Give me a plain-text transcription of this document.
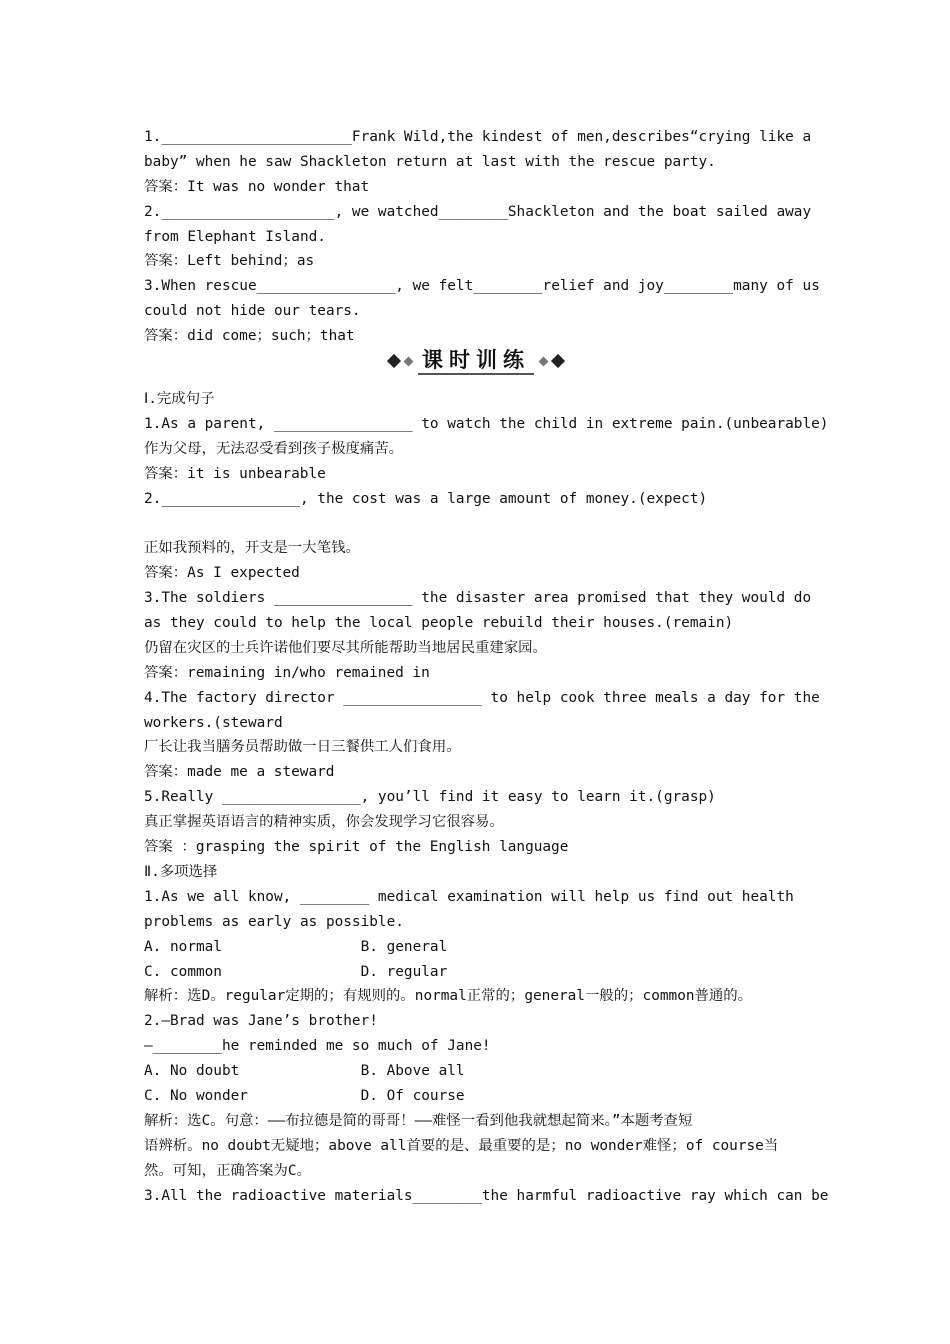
1.______________________Frank Wild,the kindest of men,describes“crying like a
baby” when he saw Shackleton return at last with the rescue party.
答案：It was no wonder that
2.____________________, we watched________Shackleton and the boat sailed away
from Elephant Island.
答案：Left behind；as
3.When rescue________________, we felt________relief and joy________many of us
could not hide our tears.
答案：did come；such；that
课时训练
Ⅰ.完成句子
1.As a parent, ________________ to watch the child in extreme pain.(unbearable)
作为父母，无法忍受看到孩子极度痛苦。
答案：it is unbearable
2.________________, the cost was a large amount of money.(expect)
正如我预料的，开支是一大笔钱。
答案：As I expected
3.The soldiers ________________ the disaster area promised that they would do
as they could to help the local people rebuild their houses.(remain)
仍留在灾区的士兵许诺他们要尽其所能帮助当地居民重建家园。
答案：remaining in/who remained in
4.The factory director ________________ to help cook three meals a day for the
workers.(steward
厂长让我当膳务员帮助做一日三餐供工人们食用。
答案：made me a steward
5.Really ________________, you’ll find it easy to learn it.(grasp)
真正掌握英语语言的精神实质，你会发现学习它很容易。
答案 ：grasping the spirit of the English language
Ⅱ.多项选择
1.As we all know, ________ medical examination will help us find out health
problems as early as possible.
A. normal                B. general
C. common                D. regular
解析：选D。regular定期的；有规则的。normal正常的；general一般的；common普通的。
2.—Brad was Jane’s brother!
—________he reminded me so much of Jane!
A. No doubt              B. Above all
C. No wonder             D. Of course
解析：选C。句意：——布拉德是简的哥哥！——难怪一看到他我就想起简来。”本题考查短
语辨析。no doubt无疑地；above all首要的是、最重要的是；no wonder难怪；of course当
然。可知，正确答案为C。
3.All the radioactive materials________the harmful radioactive ray which can be
